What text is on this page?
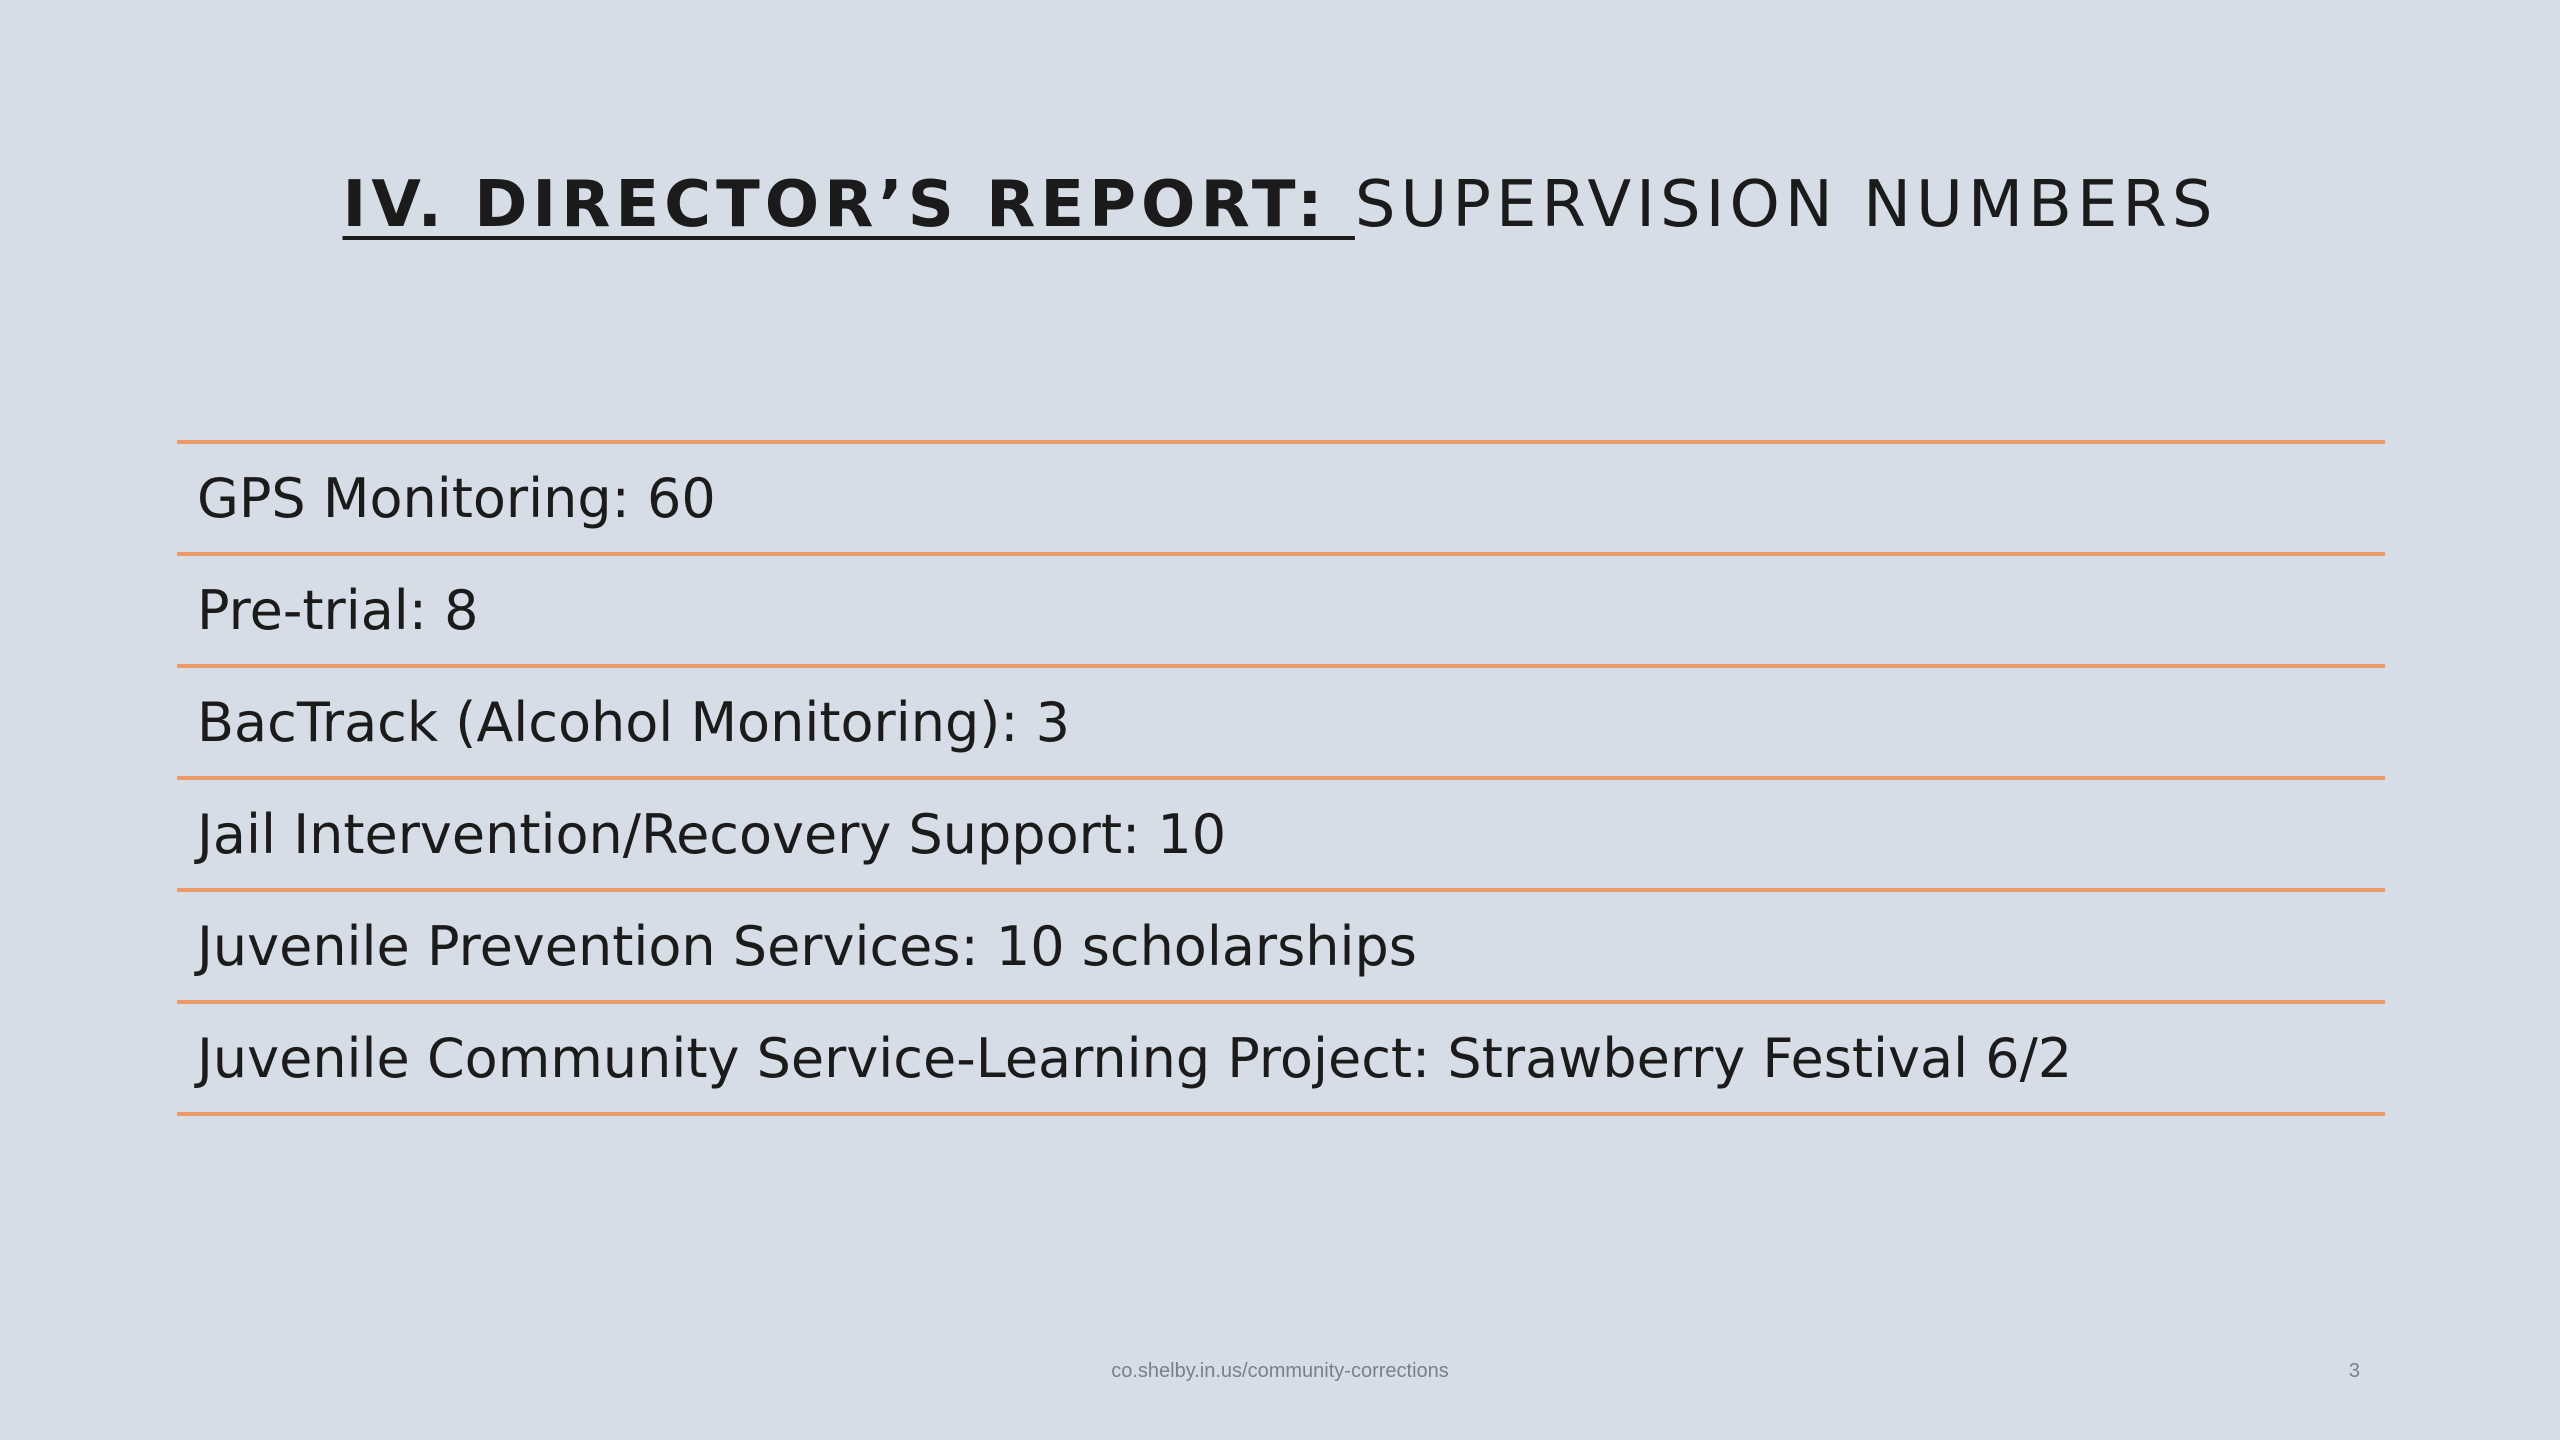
IV. DIRECTOR’S REPORT: SUPERVISION NUMBERS
GPS Monitoring: 60
Pre-trial: 8
BacTrack (Alcohol Monitoring): 3
Jail Intervention/Recovery Support: 10
Juvenile Prevention Services: 10 scholarships
Juvenile Community Service-Learning Project: Strawberry Festival 6/2
co.shelby.in.us/community-corrections	3
